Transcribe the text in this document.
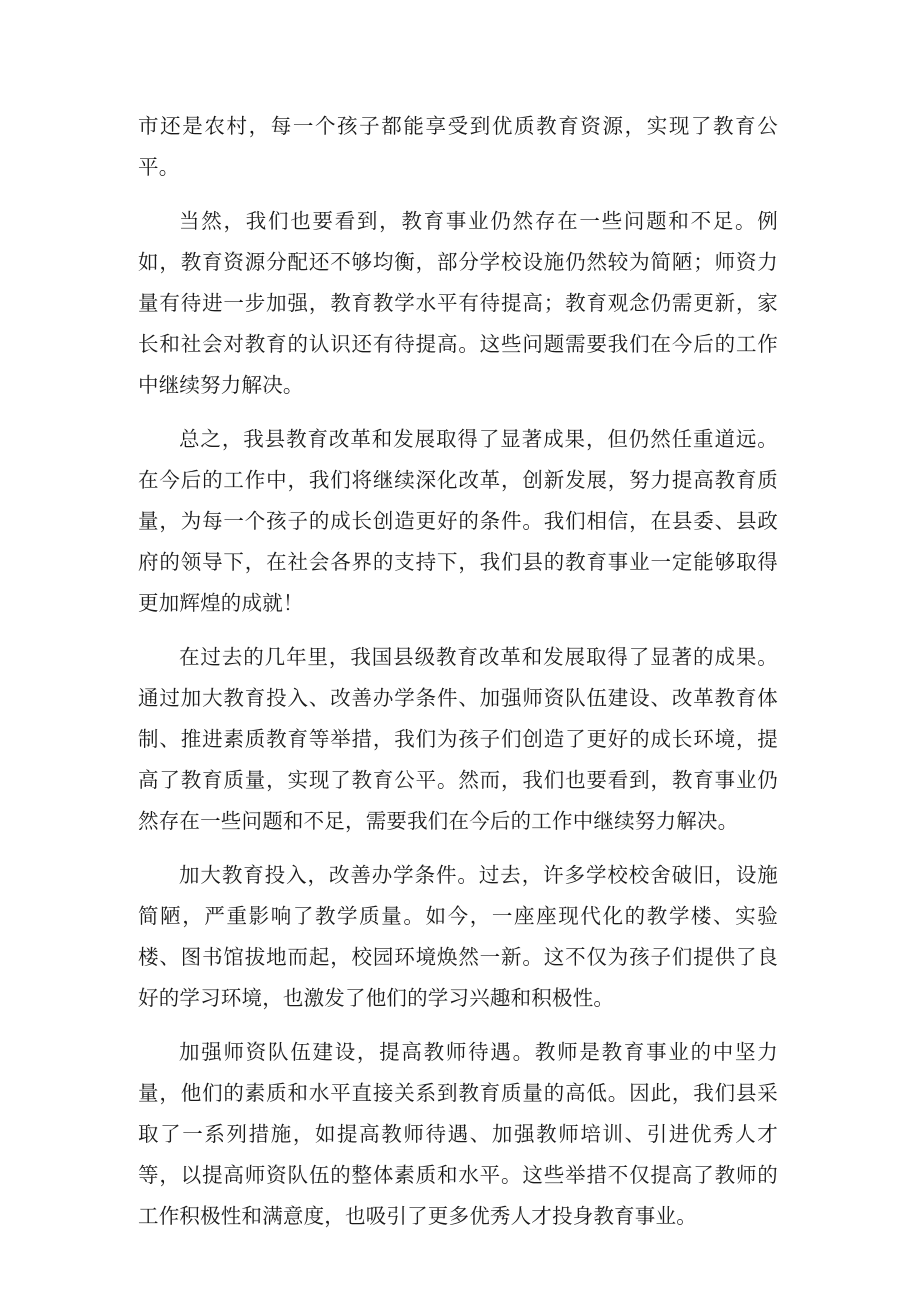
市还是农村，每一个孩子都能享受到优质教育资源，实现了教育公平。

当然，我们也要看到，教育事业仍然存在一些问题和不足。例如，教育资源分配还不够均衡，部分学校设施仍然较为简陋；师资力量有待进一步加强，教育教学水平有待提高；教育观念仍需更新，家长和社会对教育的认识还有待提高。这些问题需要我们在今后的工作中继续努力解决。

总之，我县教育改革和发展取得了显著成果，但仍然任重道远。在今后的工作中，我们将继续深化改革，创新发展，努力提高教育质量，为每一个孩子的成长创造更好的条件。我们相信，在县委、县政府的领导下，在社会各界的支持下，我们县的教育事业一定能够取得更加辉煌的成就！

在过去的几年里，我国县级教育改革和发展取得了显著的成果。通过加大教育投入、改善办学条件、加强师资队伍建设、改革教育体制、推进素质教育等举措，我们为孩子们创造了更好的成长环境，提高了教育质量，实现了教育公平。然而，我们也要看到，教育事业仍然存在一些问题和不足，需要我们在今后的工作中继续努力解决。

加大教育投入，改善办学条件。过去，许多学校校舍破旧，设施简陋，严重影响了教学质量。如今，一座座现代化的教学楼、实验楼、图书馆拔地而起，校园环境焕然一新。这不仅为孩子们提供了良好的学习环境，也激发了他们的学习兴趣和积极性。

加强师资队伍建设，提高教师待遇。教师是教育事业的中坚力量，他们的素质和水平直接关系到教育质量的高低。因此，我们县采取了一系列措施，如提高教师待遇、加强教师培训、引进优秀人才等，以提高师资队伍的整体素质和水平。这些举措不仅提高了教师的工作积极性和满意度，也吸引了更多优秀人才投身教育事业。
